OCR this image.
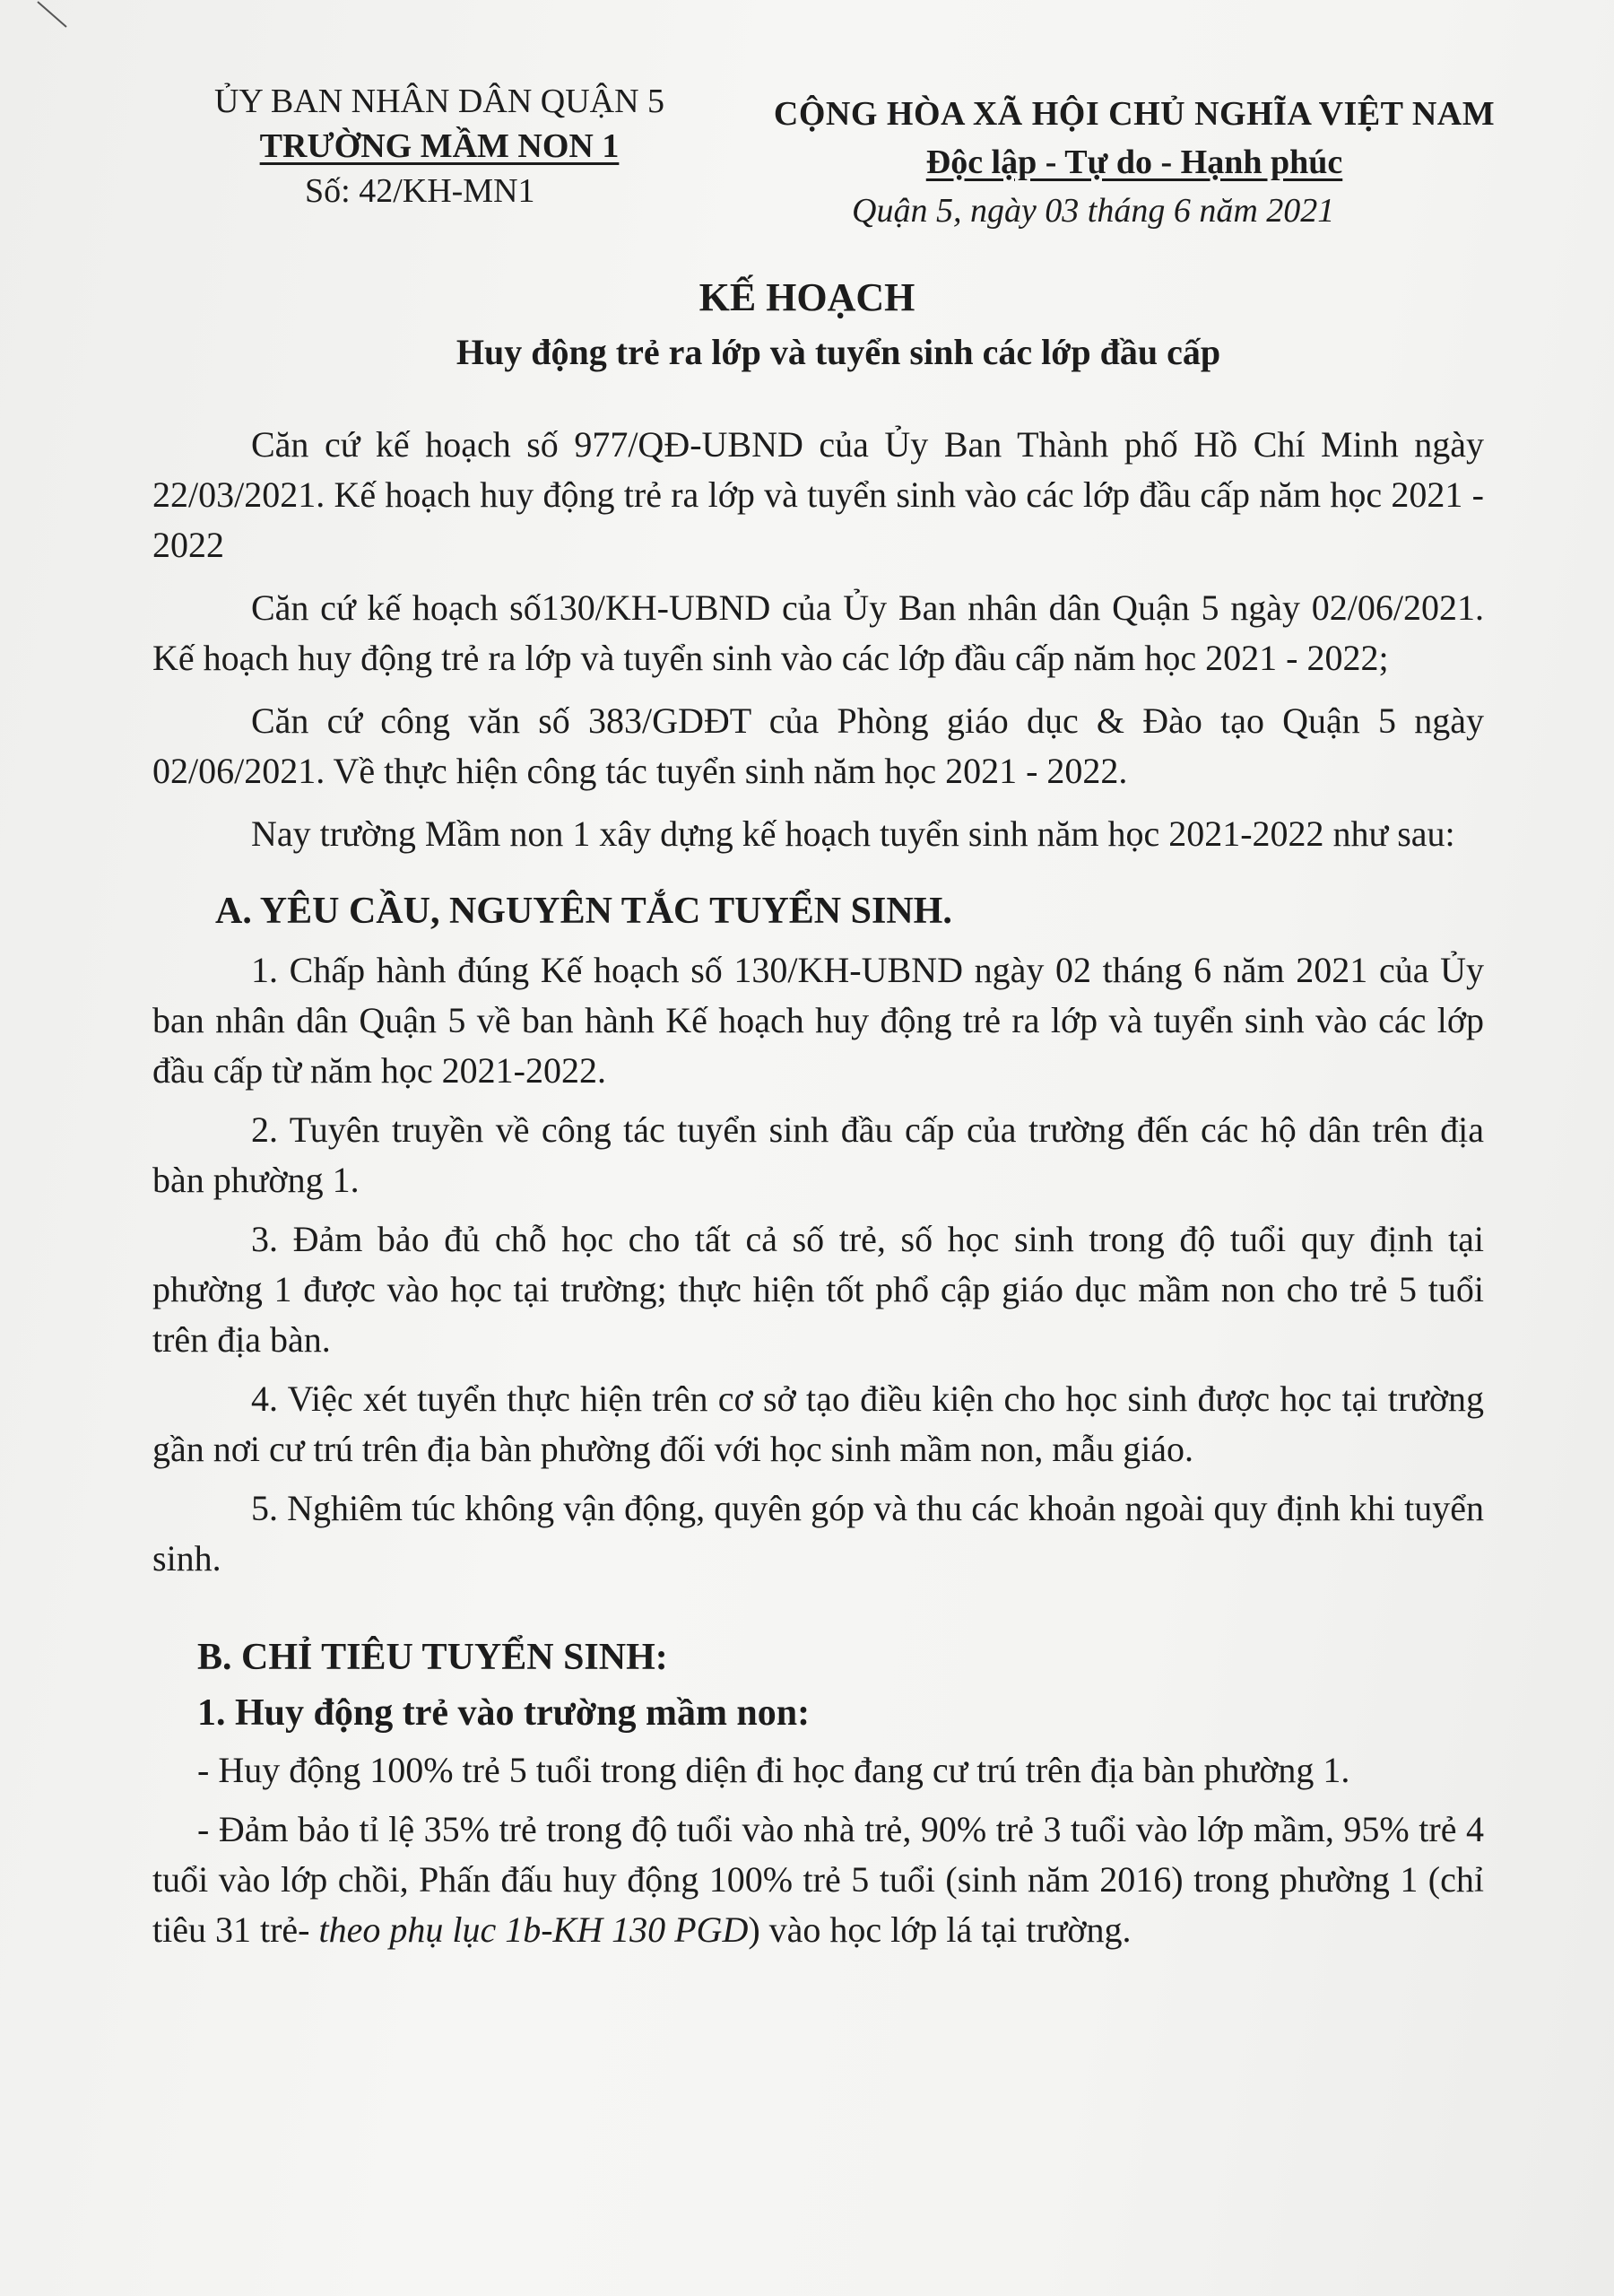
ỦY BAN NHÂN DÂN QUẬN 5
TRƯỜNG MẦM NON 1
Số: 42/KH-MN1
CỘNG HÒA XÃ HỘI CHỦ NGHĨA VIỆT NAM
Độc lập - Tự do - Hạnh phúc
Quận 5, ngày 03 tháng 6 năm 2021
KẾ HOẠCH
Huy động trẻ ra lớp và tuyển sinh các lớp đầu cấp

Căn cứ kế hoạch số 977/QĐ-UBND của Ủy Ban Thành phố Hồ Chí Minh ngày 22/03/2021. Kế hoạch huy động trẻ ra lớp và tuyển sinh vào các lớp đầu cấp năm học 2021 - 2022

Căn cứ kế hoạch số130/KH-UBND của Ủy Ban nhân dân Quận 5 ngày 02/06/2021. Kế hoạch huy động trẻ ra lớp và tuyển sinh vào các lớp đầu cấp năm học 2021 - 2022;

Căn cứ công văn số 383/GDĐT của Phòng giáo dục & Đào tạo Quận 5 ngày 02/06/2021. Về thực hiện công tác tuyển sinh năm học 2021 - 2022.

Nay trường Mầm non 1 xây dựng kế hoạch tuyển sinh năm học 2021-2022 như sau:

A. YÊU CẦU, NGUYÊN TẮC TUYỂN SINH.

1. Chấp hành đúng Kế hoạch số 130/KH-UBND ngày 02 tháng 6 năm 2021 của Ủy ban nhân dân Quận 5 về ban hành Kế hoạch huy động trẻ ra lớp và tuyển sinh vào các lớp đầu cấp từ năm học 2021-2022.

2. Tuyên truyền về công tác tuyển sinh đầu cấp của trường đến các hộ dân trên địa bàn phường 1.

3. Đảm bảo đủ chỗ học cho tất cả số trẻ, số học sinh trong độ tuổi quy định tại phường 1 được vào học tại trường; thực hiện tốt phổ cập giáo dục mầm non cho trẻ 5 tuổi trên địa bàn.

4. Việc xét tuyển thực hiện trên cơ sở tạo điều kiện cho học sinh được học tại trường gần nơi cư trú trên địa bàn phường đối với học sinh mầm non, mẫu giáo.

5. Nghiêm túc không vận động, quyên góp và thu các khoản ngoài quy định khi tuyển sinh.

B. CHỈ TIÊU TUYỂN SINH:

1. Huy động trẻ vào trường mầm non:

- Huy động 100% trẻ 5 tuổi trong diện đi học đang cư trú trên địa bàn phường 1.

- Đảm bảo tỉ lệ 35% trẻ trong độ tuổi vào nhà trẻ, 90% trẻ 3 tuổi vào lớp mầm, 95% trẻ 4 tuổi vào lớp chồi, Phấn đấu huy động 100% trẻ 5 tuổi (sinh năm 2016) trong phường 1 (chỉ tiêu 31 trẻ- theo phụ lục 1b-KH 130 PGD) vào học lớp lá tại trường.
